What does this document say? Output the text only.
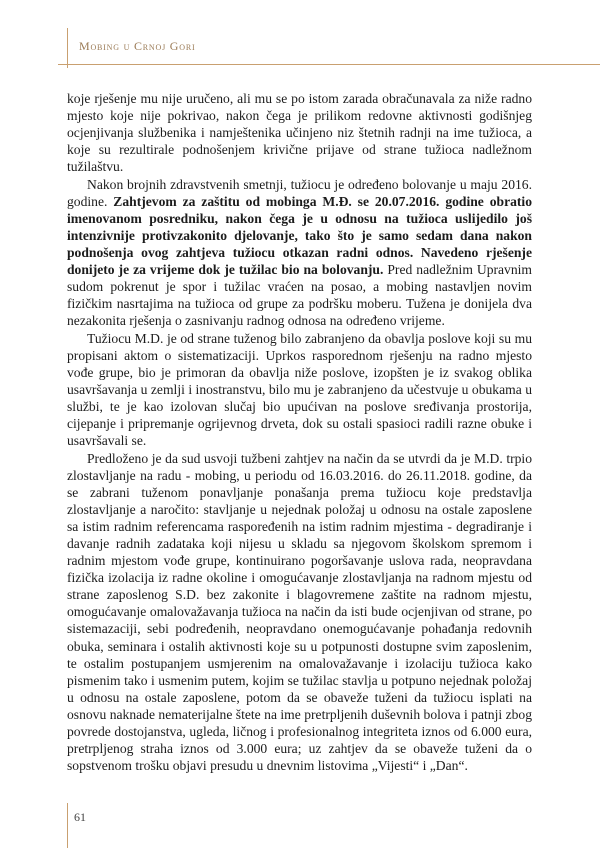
Mobing u Crnoj Gori

koje rješenje mu nije uručeno, ali mu se po istom zarada obračunavala za niže radno mjesto koje nije pokrivao, nakon čega je prilikom redovne aktivnosti godišnjeg ocjenjivanja službenika i namještenika učinjeno niz štetnih radnji na ime tužioca, a koje su rezultirale podnošenjem krivične prijave od strane tužioca nadležnom tužilaštvu.

Nakon brojnih zdravstvenih smetnji, tužiocu je određeno bolovanje u maju 2016. godine. Zahtjevom za zaštitu od mobinga M.Đ. se 20.07.2016. godine obratio imenovanom posredniku, nakon čega je u odnosu na tužioca uslijedilo još intenzivnije protivzakonito djelovanje, tako što je samo sedam dana nakon podnošenja ovog zahtjeva tužiocu otkazan radni odnos. Navedeno rješenje donijeto je za vrijeme dok je tužilac bio na bolovanju. Pred nadležnim Upravnim sudom pokrenut je spor i tužilac vraćen na posao, a mobing nastavljen novim fizičkim nasrtajima na tužioca od grupe za podršku moberu. Tužena je donijela dva nezakonita rješenja o zasnivanju radnog odnosa na određeno vrijeme.

Tužiocu M.D. je od strane tuženog bilo zabranjeno da obavlja poslove koji su mu propisani aktom o sistematizaciji. Uprkos rasporednom rješenju na radno mjesto vođe grupe, bio je primoran da obavlja niže poslove, izopšten je iz svakog oblika usavršavanja u zemlji i inostranstvu, bilo mu je zabranjeno da učestvuje u obukama u službi, te je kao izolovan slučaj bio upućivan na poslove sređivanja prostorija, cijepanje i pripremanje ogrijevnog drveta, dok su ostali spasioci radili razne obuke i usavršavali se.

Predloženo je da sud usvoji tužbeni zahtjev na način da se utvrdi da je M.D. trpio zlostavljanje na radu - mobing, u periodu od 16.03.2016. do 26.11.2018. godine, da se zabrani tuženom ponavljanje ponašanja prema tužiocu koje predstavlja zlostavljanje a naročito: stavljanje u nejednak položaj u odnosu na ostale zaposlene sa istim radnim referencama raspoređenih na istim radnim mjestima - degradiranje i davanje radnih zadataka koji nijesu u skladu sa njegovom školskom spremom i radnim mjestom vođe grupe, kontinuirano pogoršavanje uslova rada, neopravdana fizička izolacija iz radne okoline i omogućavanje zlostavljanja na radnom mjestu od strane zaposlenog S.D. bez zakonite i blagovremene zaštite na radnom mjestu, omogućavanje omalovažavanja tužioca na način da isti bude ocjenjivan od strane, po sistemazaciji, sebi podređenih, neopravdano onemogućavanje pohađanja redovnih obuka, seminara i ostalih aktivnosti koje su u potpunosti dostupne svim zaposlenim, te ostalim postupanjem usmjerenim na omalovažavanje i izolaciju tužioca kako pismenim tako i usmenim putem, kojim se tužilac stavlja u potpuno nejednak položaj u odnosu na ostale zaposlene, potom da se obaveže tuženi da tužiocu isplati na osnovu naknade nematerijalne štete na ime pretrpljenih duševnih bolova i patnji zbog povrede dostojanstva, ugleda, ličnog i profesionalnog integriteta iznos od 6.000 eura, pretrpljenog straha iznos od 3.000 eura; uz zahtjev da se obaveže tuženi da o sopstvenom trošku objavi presudu u dnevnim listovima „Vijesti“ i „Dan“.

61
